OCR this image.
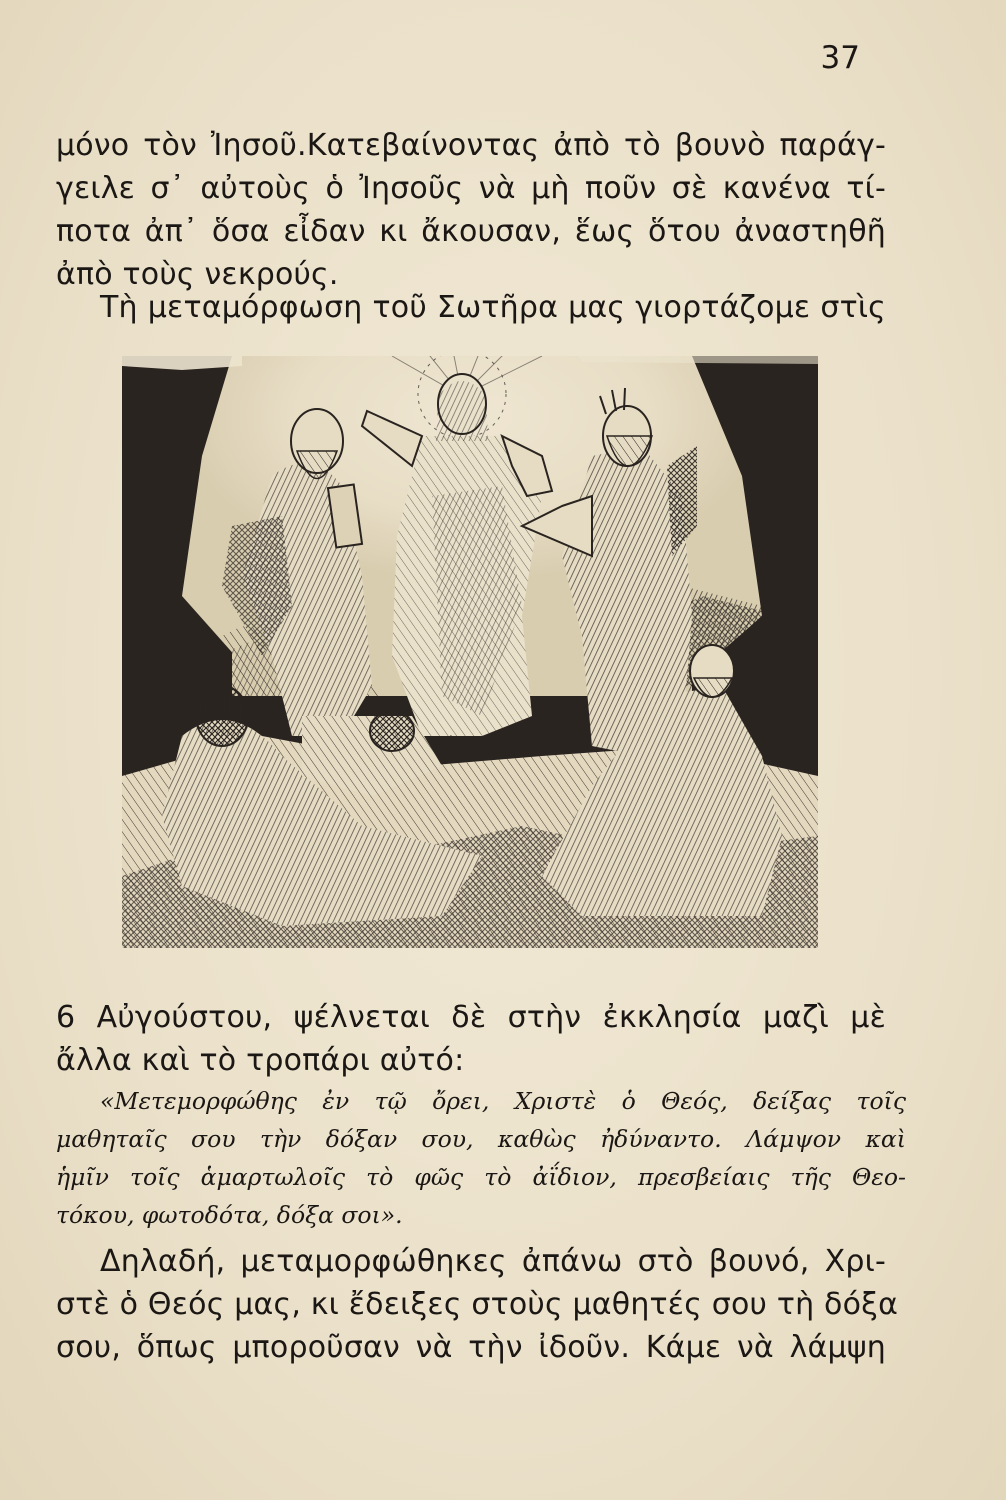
37

μόνο τὸν Ἰησοῦ.Κατεβαίνοντας ἀπὸ τὸ βουνὸ παράγ-
γειλε σ᾽ αὐτοὺς ὁ Ἰησοῦς νὰ μὴ ποῦν σὲ κανένα τί-
ποτα ἀπ᾽ ὅσα εἶδαν κι ἄκουσαν, ἕως ὅτου ἀναστηθῆ
ἀπὸ τοὺς νεκρούς.

Τὴ μεταμόρφωση τοῦ Σωτῆρα μας γιορτάζομε στὶς

6 Αὐγούστου, ψέλνεται δὲ στὴν ἐκκλησία μαζὶ μὲ
ἄλλα καὶ τὸ τροπάρι αὐτό:

«Μετεμορφώθης ἐν τῷ ὄρει, Χριστὲ ὁ Θεός, δείξας τοῖς
μαθηταῖς σου τὴν δόξαν σου, καθὼς ἠδύναντο. Λάμψον καὶ
ἡμῖν τοῖς ἁμαρτωλοῖς τὸ φῶς τὸ ἀΐδιον, πρεσβείαις τῆς Θεο-
τόκου, φωτοδότα, δόξα σοι».

Δηλαδή, μεταμορφώθηκες ἀπάνω στὸ βουνό, Χρι-
στὲ ὁ Θεός μας, κι ἔδειξες στοὺς μαθητές σου τὴ δόξα
σου, ὅπως μποροῦσαν νὰ τὴν ἰδοῦν. Κάμε νὰ λάμψη
